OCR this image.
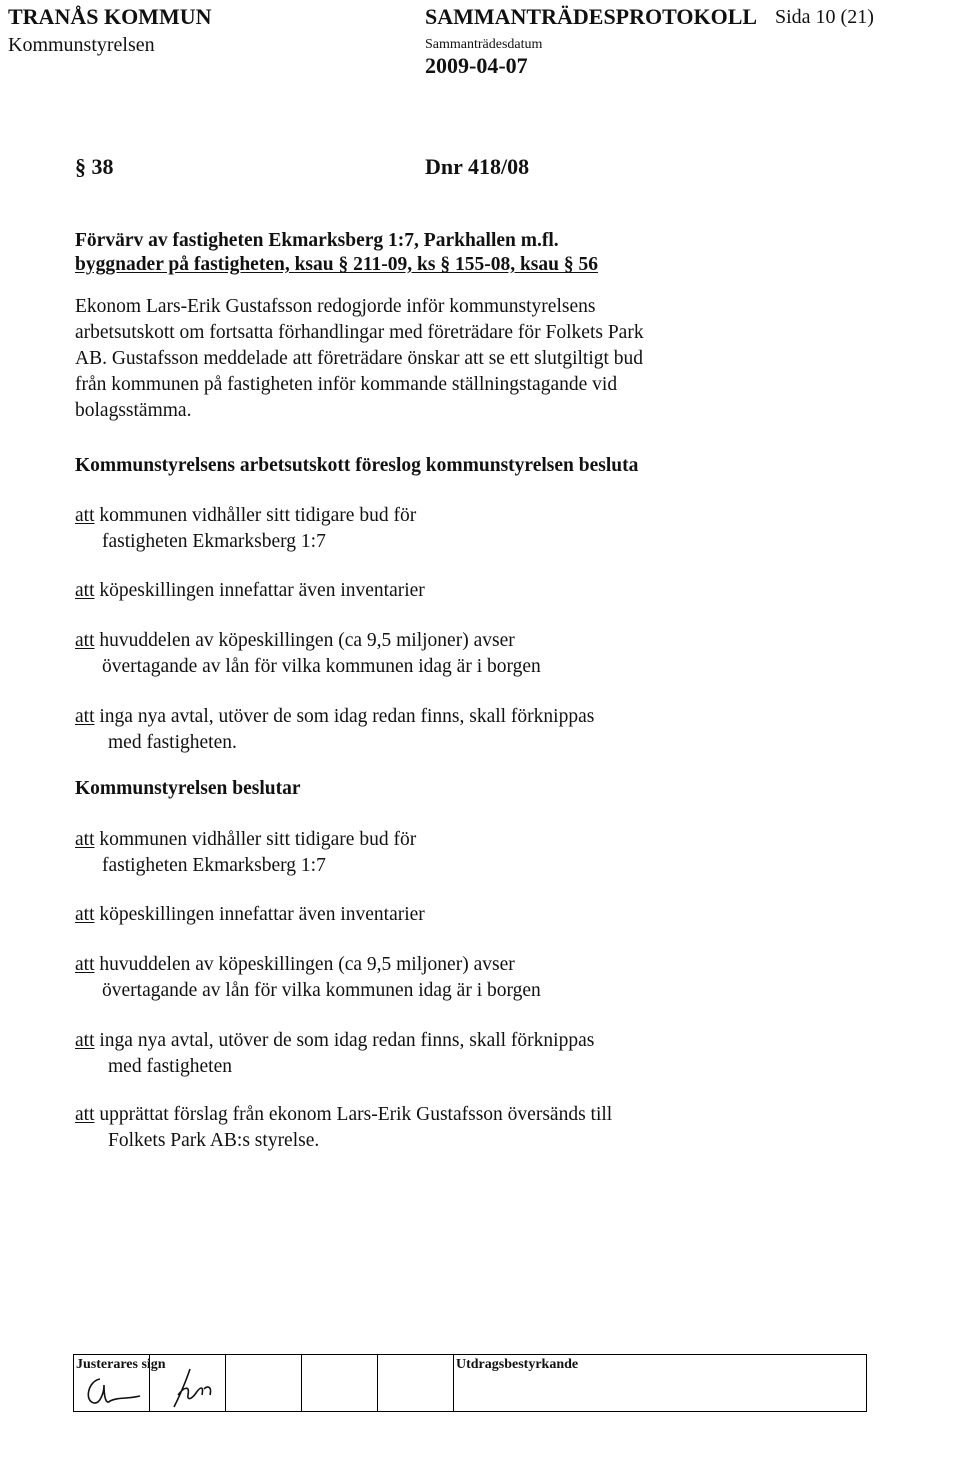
TRANÅS KOMMUN
Kommunstyrelsen
SAMMANTRÄDESPROTOKOLL Sida 10 (21)
Sammanträdesdatum
2009-04-07
§ 38	Dnr 418/08
Förvärv av fastigheten Ekmarksberg 1:7, Parkhallen m.fl.
byggnader på fastigheten, ksau § 211-09, ks § 155-08, ksau § 56
Ekonom Lars-Erik Gustafsson redogjorde inför kommunstyrelsens
arbetsutskott om fortsatta förhandlingar med företrädare för Folkets Park
AB. Gustafsson meddelade att företrädare önskar att se ett slutgiltigt bud
från kommunen på fastigheten inför kommande ställningstagande vid
bolagsstämma.
Kommunstyrelsens arbetsutskott föreslog kommunstyrelsen besluta
att kommunen vidhåller sitt tidigare bud för
fastigheten Ekmarksberg 1:7
att köpeskillingen innefattar även inventarier
att huvuddelen av köpeskillingen (ca 9,5 miljoner) avser
övertagande av lån för vilka kommunen idag är i borgen
att inga nya avtal, utöver de som idag redan finns, skall förknippas
med fastigheten.
Kommunstyrelsen beslutar
att kommunen vidhåller sitt tidigare bud för
fastigheten Ekmarksberg 1:7
att köpeskillingen innefattar även inventarier
att huvuddelen av köpeskillingen (ca 9,5 miljoner) avser
övertagande av lån för vilka kommunen idag är i borgen
att inga nya avtal, utöver de som idag redan finns, skall förknippas
med fastigheten
att upprättat förslag från ekonom Lars-Erik Gustafsson översänds till
Folkets Park AB:s styrelse.
Justerares sign	Utdragsbestyrkande
